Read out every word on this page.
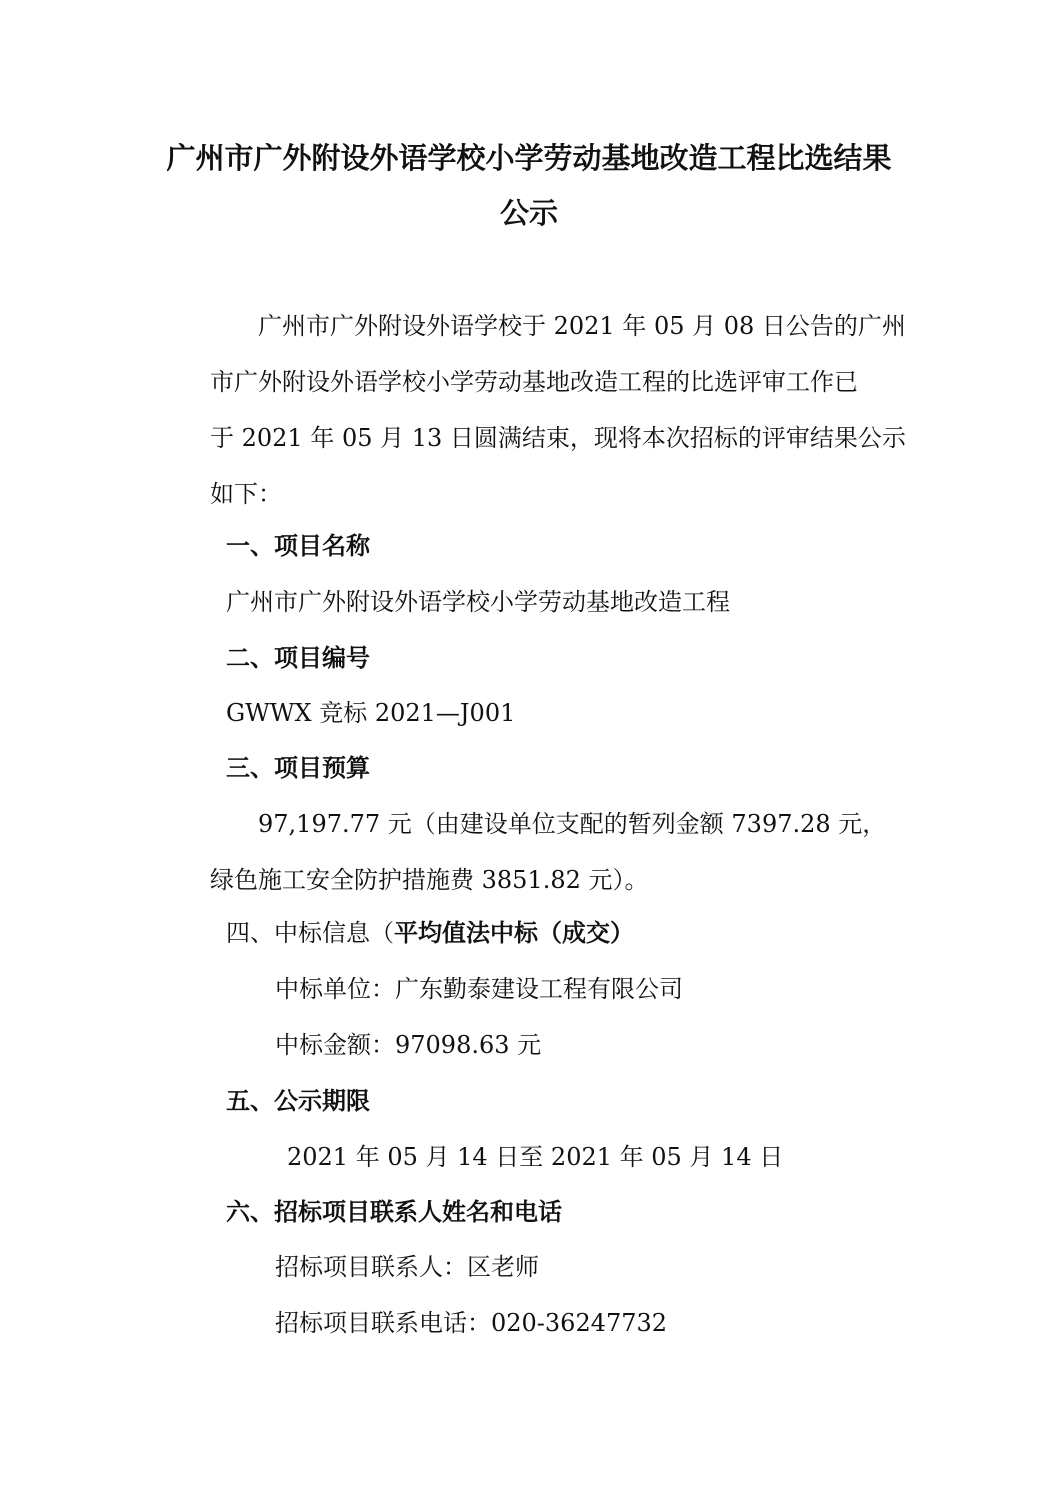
广州市广外附设外语学校小学劳动基地改造工程比选结果
公示

广州市广外附设外语学校于 2021 年 05 月 08 日公告的广州

市广外附设外语学校小学劳动基地改造工程的比选评审工作已

于 2021 年 05 月 13 日圆满结束，现将本次招标的评审结果公示

如下：

一、项目名称

广州市广外附设外语学校小学劳动基地改造工程

二、项目编号

GWWX 竞标 2021—J001

三、项目预算

97,197.77 元（由建设单位支配的暂列金额 7397.28 元，

绿色施工安全防护措施费 3851.82 元）。

四、中标信息（平均值法中标（成交）

中标单位：广东勤泰建设工程有限公司

中标金额：97098.63 元

五、公示期限

2021 年 05 月 14 日至 2021 年 05 月 14 日

六、招标项目联系人姓名和电话

招标项目联系人：区老师

招标项目联系电话：020-36247732
